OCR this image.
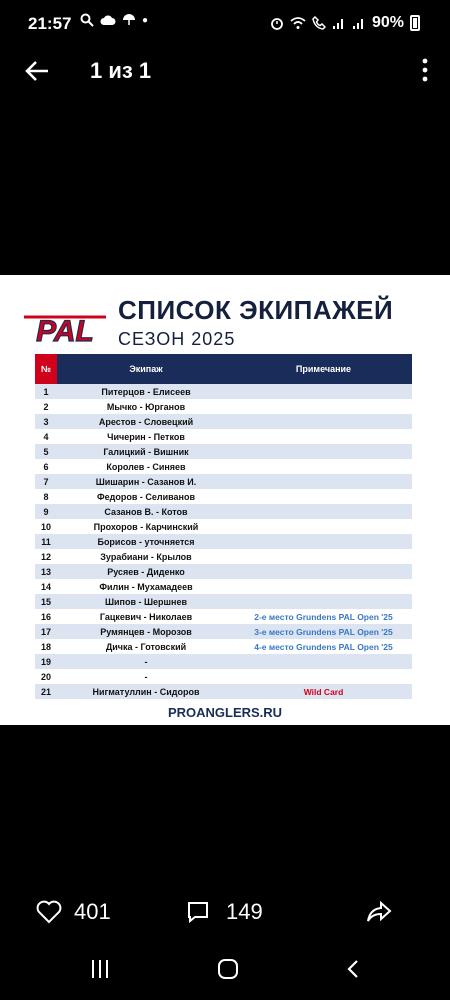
21:57	●	90%
1 из 1
PAL
СПИСОК ЭКИПАЖЕЙ
СЕЗОН 2025
№	Экипаж	Примечание
1	Питерцов - Елисеев
2	Мычко - Юрганов
3	Арестов - Словецкий
4	Чичерин - Петков
5	Галицкий - Вишник
6	Королев - Синяев
7	Шишарин - Сазанов И.
8	Федоров - Селиванов
9	Сазанов В. - Котов
10	Прохоров - Карчинский
11	Борисов - уточняется
12	Зурабиани - Крылов
13	Русяев - Диденко
14	Филин - Мухамадеев
15	Шипов - Шершнев
16	Гацкевич - Николаев	2-е место Grundens PAL Open '25
17	Румянцев - Морозов	3-е место Grundens PAL Open '25
18	Дичка - Готовский	4-е место Grundens PAL Open '25
19	-
20	-
21	Нигматуллин - Сидоров	Wild Card
PROANGLERS.RU
401	149
